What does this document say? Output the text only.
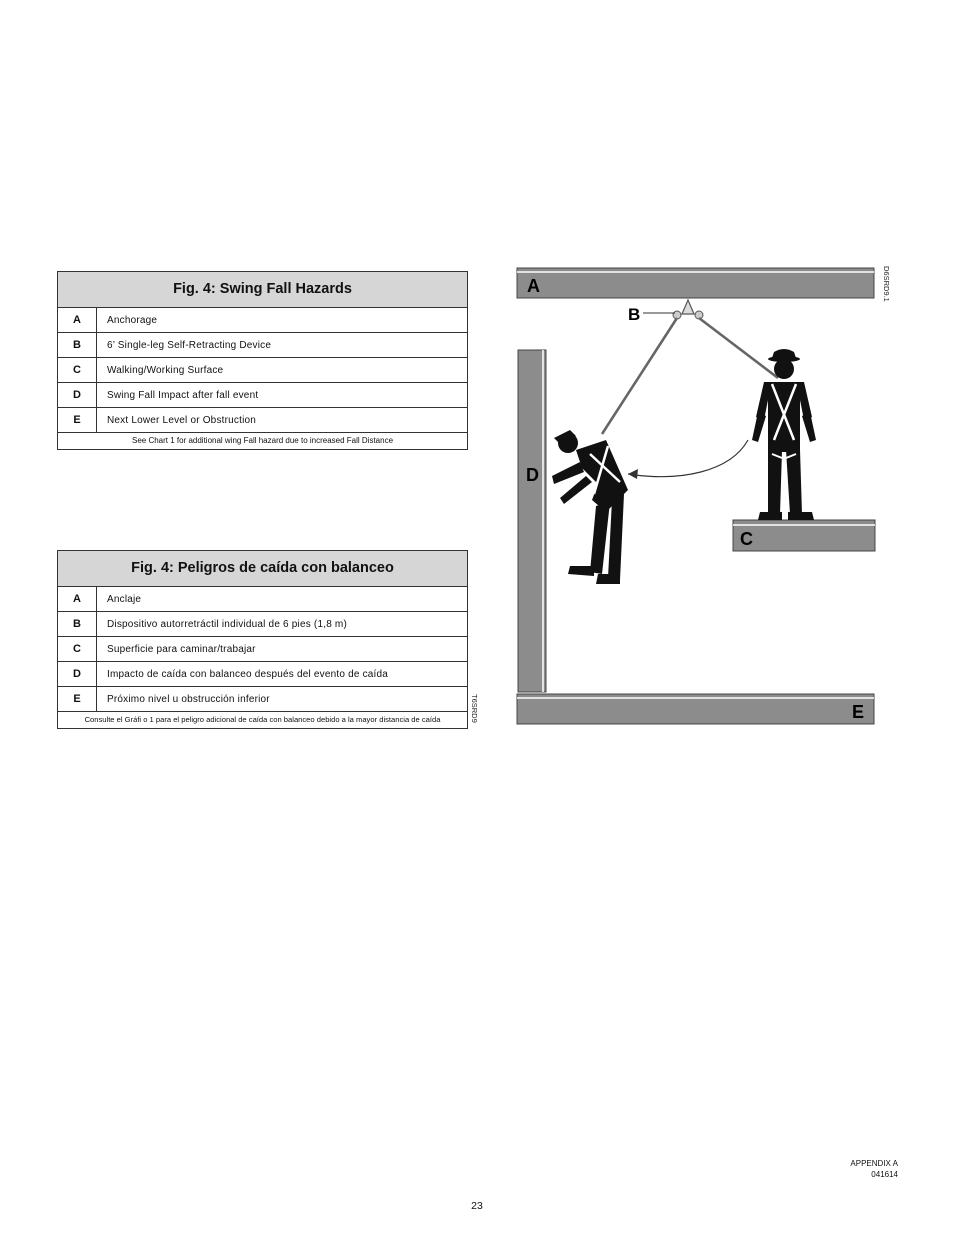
Fig. 4: Swing Fall Hazards
A	Anchorage
B	6’ Single-leg Self-Retracting Device
C	Walking/Working Surface
D	Swing Fall Impact after fall event
E	Next Lower Level or Obstruction
See Chart 1 for additional wing Fall hazard due to increased Fall Distance
Fig. 4: Peligros de caída con balanceo
A	Anclaje
B	Dispositivo autorretráctil individual de 6 pies (1,8 m)
C	Superficie para caminar/trabajar
D	Impacto de caída con balanceo después del evento de caída
E	Próximo nivel u obstrucción inferior
Consulte el Gráfi o 1 para el peligro adicional de caída con balanceo debido a la mayor distancia de caída	T6SRD9
A
D
E
C
B
D6SRD9.1
APPENDIX A
041614
23
